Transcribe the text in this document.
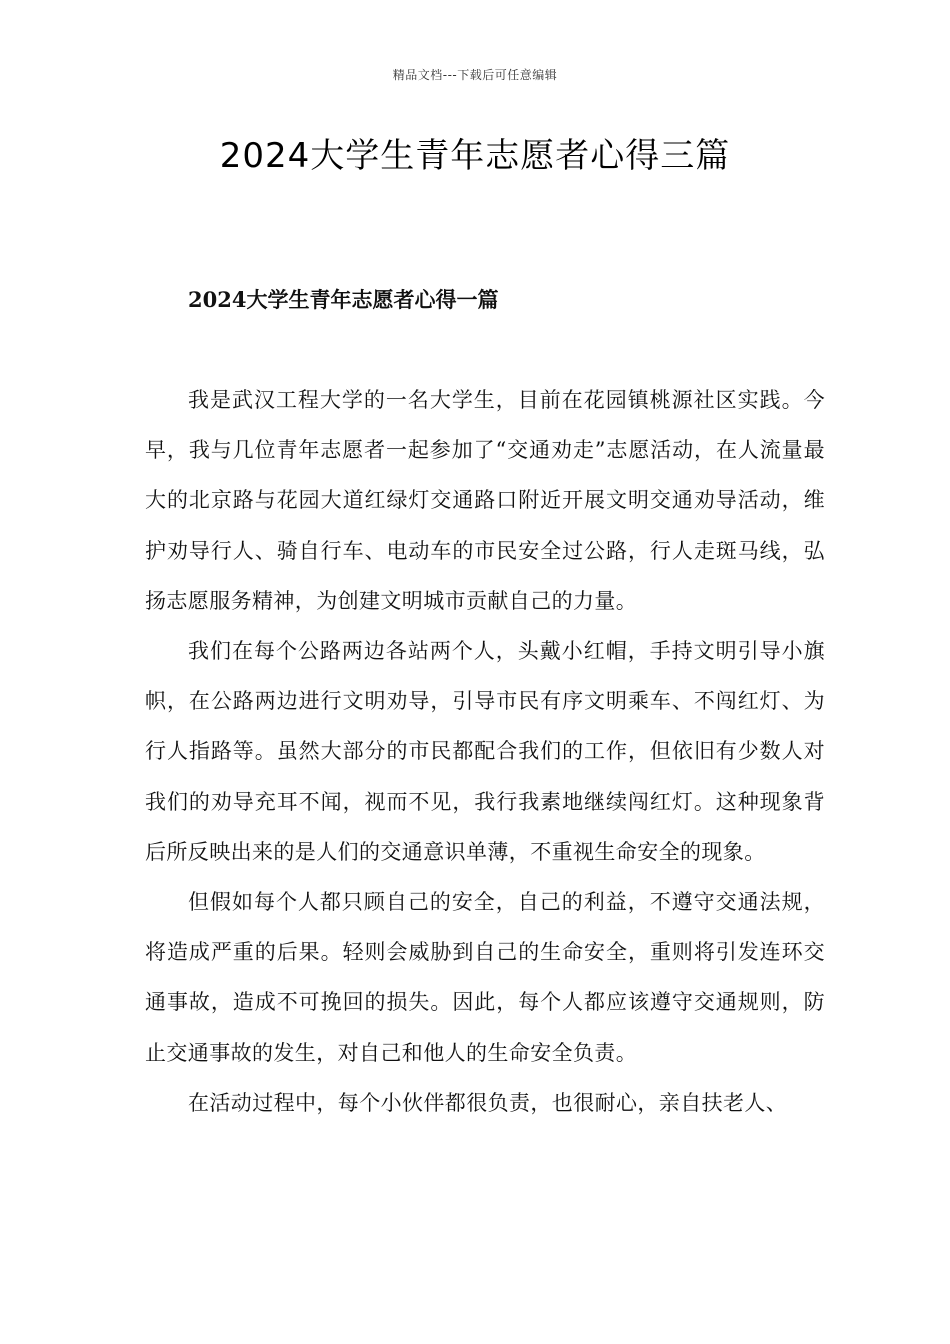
精品文档---下载后可任意编辑
2024大学生青年志愿者心得三篇
2024大学生青年志愿者心得一篇

我是武汉工程大学的一名大学生，目前在花园镇桃源社区实践。今早，我与几位青年志愿者一起参加了“交通劝走”志愿活动，在人流量最大的北京路与花园大道红绿灯交通路口附近开展文明交通劝导活动，维护劝导行人、骑自行车、电动车的市民安全过公路，行人走斑马线，弘扬志愿服务精神，为创建文明城市贡献自己的力量。

我们在每个公路两边各站两个人，头戴小红帽，手持文明引导小旗帜，在公路两边进行文明劝导，引导市民有序文明乘车、不闯红灯、为行人指路等。虽然大部分的市民都配合我们的工作，但依旧有少数人对我们的劝导充耳不闻，视而不见，我行我素地继续闯红灯。这种现象背后所反映出来的是人们的交通意识单薄，不重视生命安全的现象。

但假如每个人都只顾自己的安全，自己的利益，不遵守交通法规，将造成严重的后果。轻则会威胁到自己的生命安全，重则将引发连环交通事故，造成不可挽回的损失。因此，每个人都应该遵守交通规则，防止交通事故的发生，对自己和他人的生命安全负责。

在活动过程中，每个小伙伴都很负责，也很耐心，亲自扶老人、
